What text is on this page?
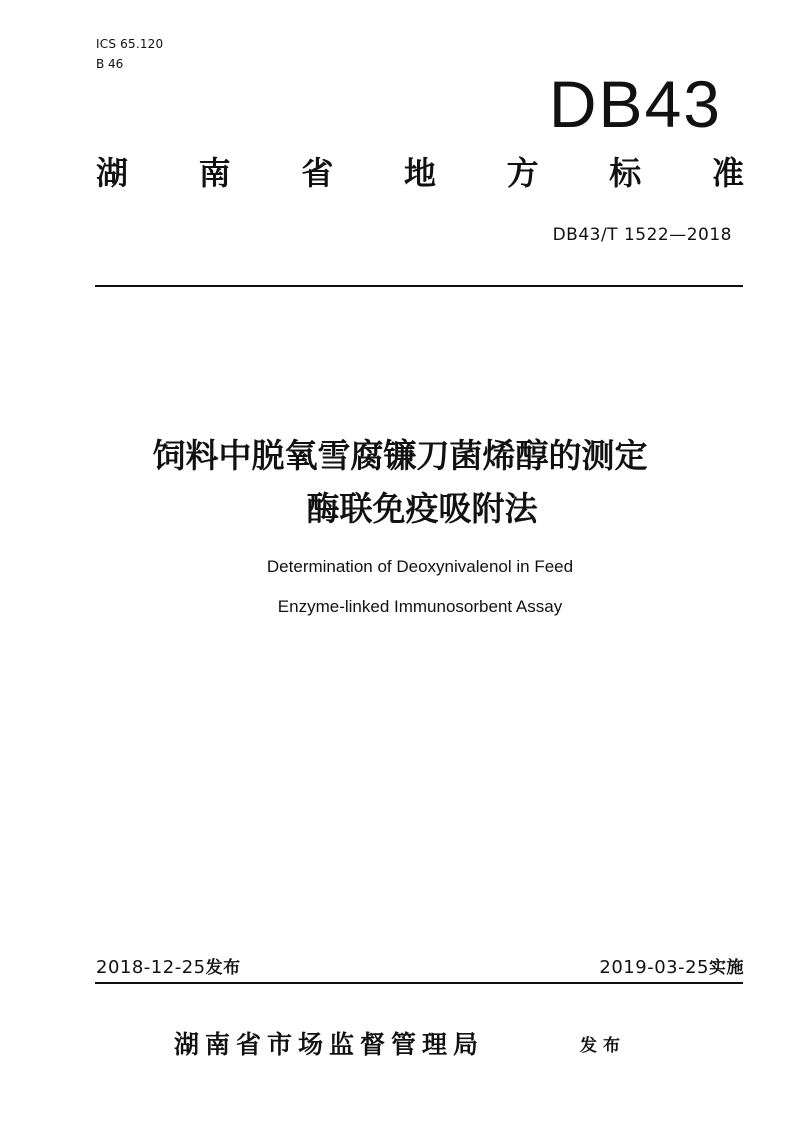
ICS 65.120
B 46
DB43
湖 南 省 地 方 标 准
DB43/T 1522—2018
饲料中脱氧雪腐镰刀菌烯醇的测定
酶联免疫吸附法
Determination of Deoxynivalenol in Feed
Enzyme-linked Immunosorbent Assay
2018-12-25发布	2019-03-25实施
湖南省市场监督管理局	发布
